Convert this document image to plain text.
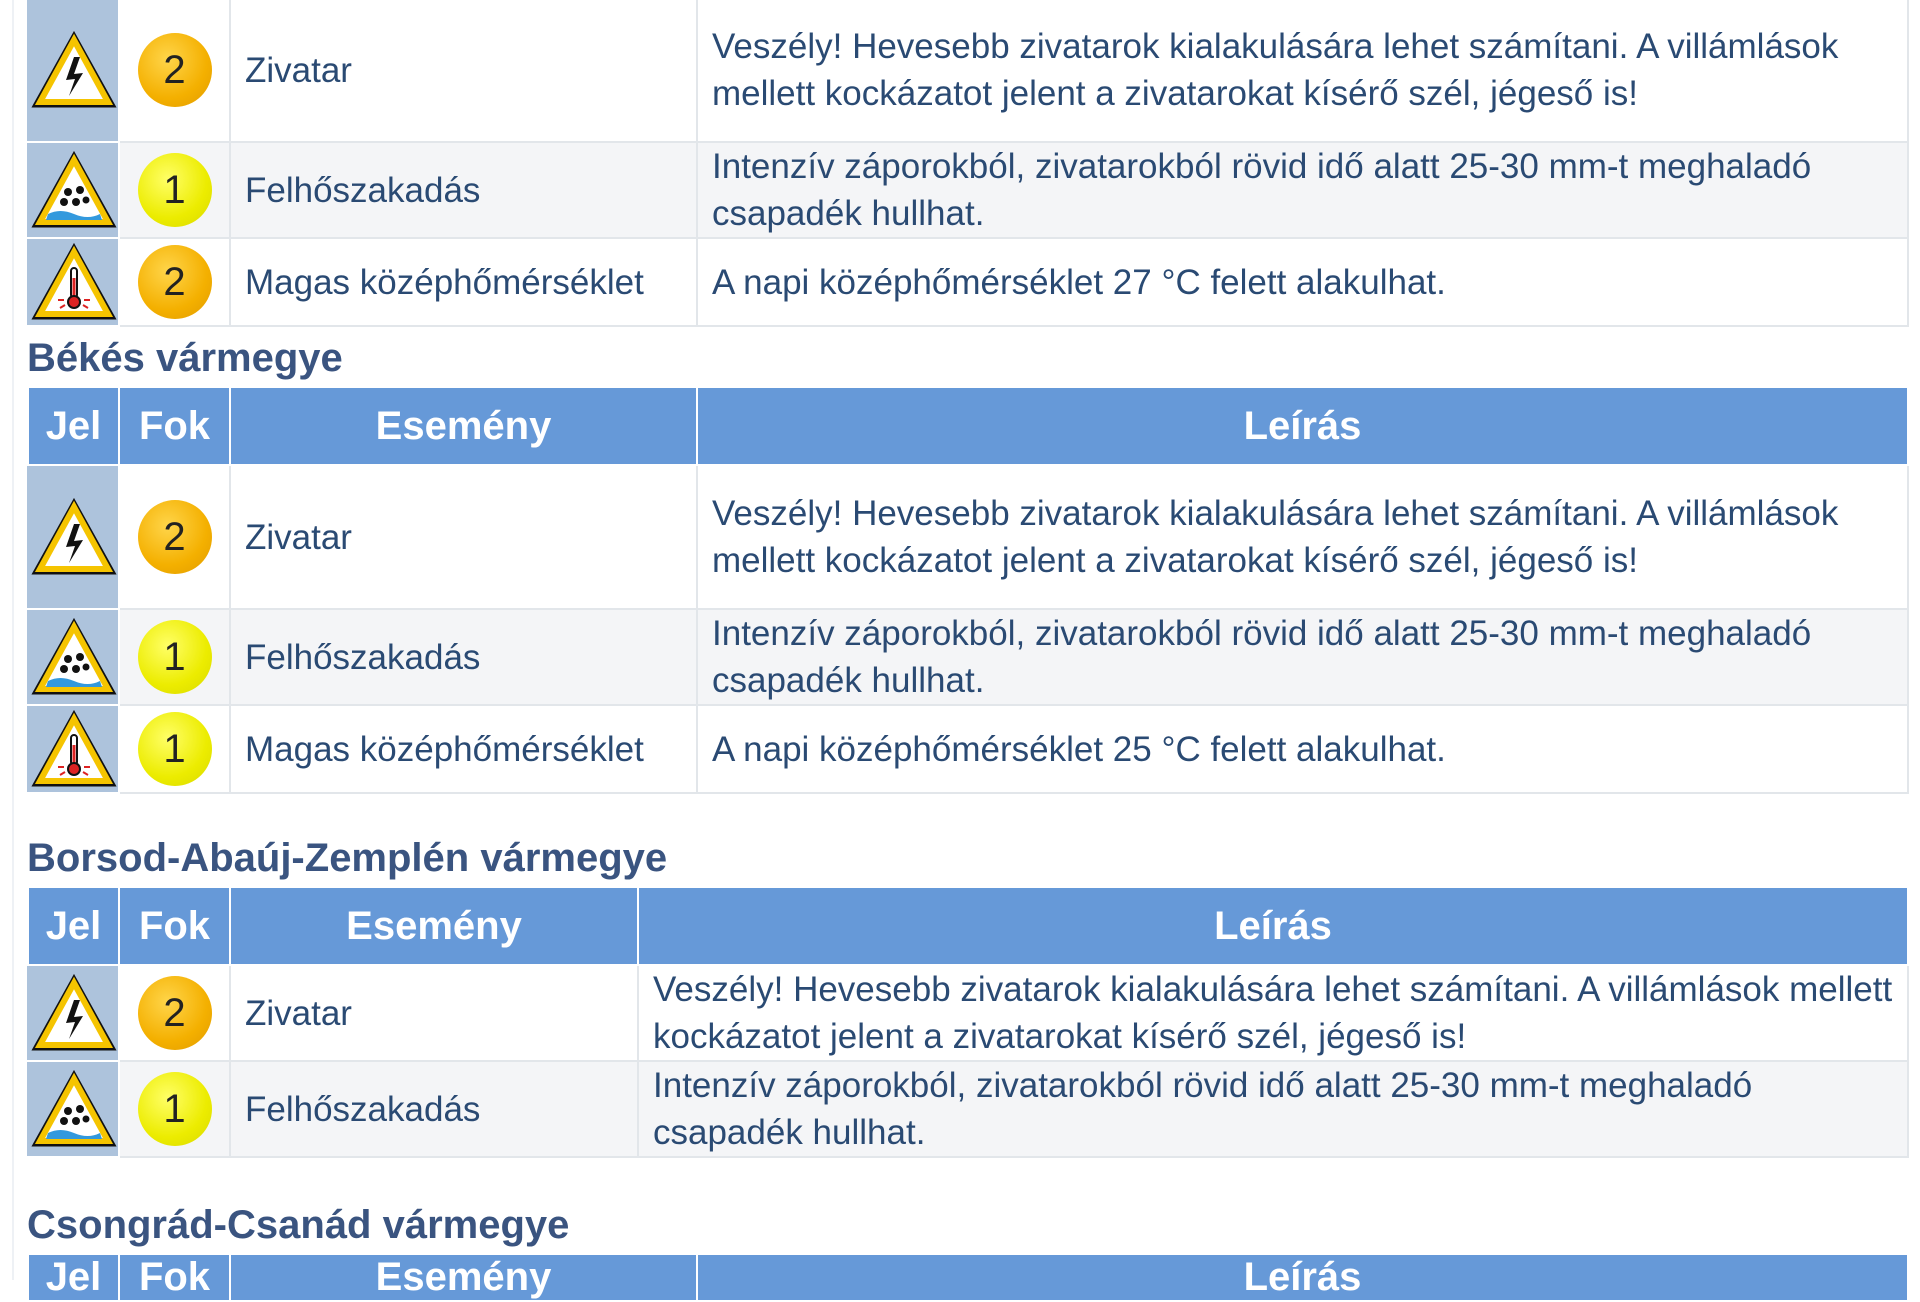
	2	Zivatar	Veszély! Hevesebb zivatarok kialakulására lehet számítani. A villámlások mellett kockázatot jelent a zivatarokat kísérő szél, jégeső is!

	1	Felhőszakadás	Intenzív záporokból, zivatarokból rövid idő alatt 25-30 mm-t meghaladó csapadék hullhat.

	2	Magas középhőmérséklet	A napi középhőmérséklet 27 °C felett alakulhat.
Békés vármegye
Jel	Fok	Esemény	Leírás

	2	Zivatar	Veszély! Hevesebb zivatarok kialakulására lehet számítani. A villámlások mellett kockázatot jelent a zivatarokat kísérő szél, jégeső is!

	1	Felhőszakadás	Intenzív záporokból, zivatarokból rövid idő alatt 25-30 mm-t meghaladó csapadék hullhat.

	1	Magas középhőmérséklet	A napi középhőmérséklet 25 °C felett alakulhat.
Borsod-Abaúj-Zemplén vármegye
Jel	Fok	Esemény	Leírás

	2	Zivatar	Veszély! Hevesebb zivatarok kialakulására lehet számítani. A villámlások mellett kockázatot jelent a zivatarokat kísérő szél, jégeső is!

	1	Felhőszakadás	Intenzív záporokból, zivatarokból rövid idő alatt 25-30 mm-t meghaladó csapadék hullhat.
Csongrád-Csanád vármegye
Jel	Fok	Esemény	Leírás
